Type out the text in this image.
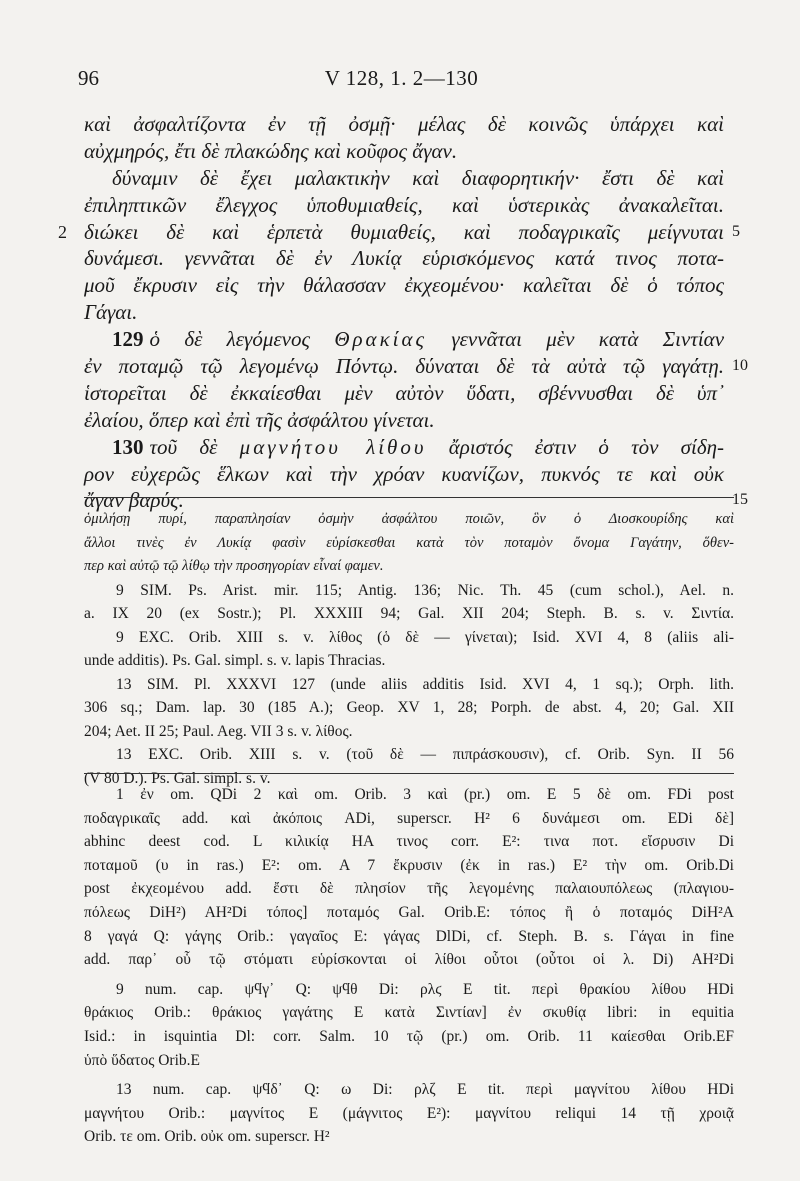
96	V 128, 1. 2—130
καὶ ἀσφαλτίζοντα ἐν τῇ ὀσμῇ· μέλας δὲ κοινῶς ὑπάρχει καὶ
αὐχμηρός, ἔτι δὲ πλακώδης καὶ κοῦφος ἄγαν.
δύναμιν δὲ ἔχει μαλακτικὴν καὶ διαφορητικήν· ἔστι δὲ καὶ
ἐπιληπτικῶν ἔλεγχος ὑποθυμιαθείς, καὶ ὑστερικὰς ἀνακαλεῖται.
διώκει δὲ καὶ ἑρπετὰ θυμιαθείς, καὶ ποδαγρικαῖς μείγνυται
2	5
δυνάμεσι. γεννᾶται δὲ ἐν Λυκίᾳ εὑρισκόμενος κατά τινος ποτα-
μοῦ ἔκρυσιν εἰς τὴν θάλασσαν ἐκχεομένου· καλεῖται δὲ ὁ τόπος
Γάγαι.
129 ὁ δὲ λεγόμενος Θρακίας γεννᾶται μὲν κατὰ Σιντίαν
ἐν ποταμῷ τῷ λεγομένῳ Πόντῳ. δύναται δὲ τὰ αὐτὰ τῷ γαγάτῃ. 10
ἱστορεῖται δὲ ἐκκαίεσθαι μὲν αὐτὸν ὕδατι, σβέννυσθαι δὲ ὑπ᾽
ἐλαίου, ὅπερ καὶ ἐπὶ τῆς ἀσφάλτου γίνεται.
130 τοῦ δὲ μαγνήτου λίθου ἄριστός ἐστιν ὁ τὸν σίδη-
ρον εὐχερῶς ἕλκων καὶ τὴν χρόαν κυανίζων, πυκνός τε καὶ οὐκ
ἄγαν βαρύς.	15
ὁμιλήσῃ πυρί, παραπλησίαν ὀσμὴν ἀσφάλτου ποιῶν, ὃν ὁ Διοσκουρίδης καὶ
ἄλλοι τινὲς ἐν Λυκίᾳ φασὶν εὑρίσκεσθαι κατὰ τὸν ποταμὸν ὄνομα Γαγάτην, ὅθεν-
περ καὶ αὐτῷ τῷ λίθῳ τὴν προσηγορίαν εἶναί φαμεν.
9 SIM. Ps. Arist. mir. 115; Antig. 136; Nic. Th. 45 (cum schol.), Ael. n.
a. IX 20 (ex Sostr.); Pl. XXXIII 94; Gal. XII 204; Steph. B. s. v. Σιντία.
9 EXC. Orib. XIII s. v. λίθος (ὁ δὲ — γίνεται); Isid. XVI 4, 8 (aliis ali-
unde additis). Ps. Gal. simpl. s. v. lapis Thracias.
13 SIM. Pl. XXXVI 127 (unde aliis additis Isid. XVI 4, 1 sq.); Orph. lith.
306 sq.; Dam. lap. 30 (185 A.); Geop. XV 1, 28; Porph. de abst. 4, 20; Gal. XII
204; Aet. II 25; Paul. Aeg. VII 3 s. v. λίθος.
13 EXC. Orib. XIII s. v. (τοῦ δὲ — πιπράσκουσιν), cf. Orib. Syn. II 56
(V 80 D.). Ps. Gal. simpl. s. v.
1 ἐν om. QDi 2 καὶ om. Orib. 3 καὶ (pr.) om. E 5 δὲ om. FDi post
ποδαγρικαῖς add. καὶ ἀκόποις ADi, superscr. H² 6 δυνάμεσι om. EDi δὲ]
abhinc deest cod. L κιλικίᾳ HA τινος corr. E²: τινα ποτ. εἴσρυσιν Di
ποταμοῦ (υ in ras.) E²: om. A 7 ἔκρυσιν (ἐκ in ras.) E² τὴν om. Orib.Di
post ἐκχεομένου add. ἔστι δὲ πλησίον τῆς λεγομένης παλαιουπόλεως (πλαγιου-
πόλεως DiH²) AH²Di τόπος] ποταμός Gal. Orib.E: τόπος ἢ ὁ ποταμός DiH²A
8 γαγά Q: γάγης Orib.: γαγαῖος E: γάγας DlDi, cf. Steph. B. s. Γάγαι in fine
add. παρ᾽ οὗ τῷ στόματι εὑρίσκονται οἱ λίθοι οὗτοι (οὗτοι οἱ λ. Di) AH²Di
9 num. cap. ψϥγ᾽ Q: ψϥθ Di: ρλϛ E tit. περὶ θρακίου λίθου HDi
θράκιος Orib.: θράκιος γαγάτης E κατὰ Σιντίαν] ἐν σκυθίᾳ libri: in equitia
Isid.: in isquintia Dl: corr. Salm. 10 τῷ (pr.) om. Orib. 11 καίεσθαι Orib.EF
ὑπὸ ὕδατος Orib.E
13 num. cap. ψϥδ᾽ Q: ω Di: ρλζ E tit. περὶ μαγνίτου λίθου HDi
μαγνήτου Orib.: μαγνίτος E (μάγνιτος E²): μαγνίτου reliqui 14 τῇ χροιᾷ
Orib. τε om. Orib. οὐκ om. superscr. H²
